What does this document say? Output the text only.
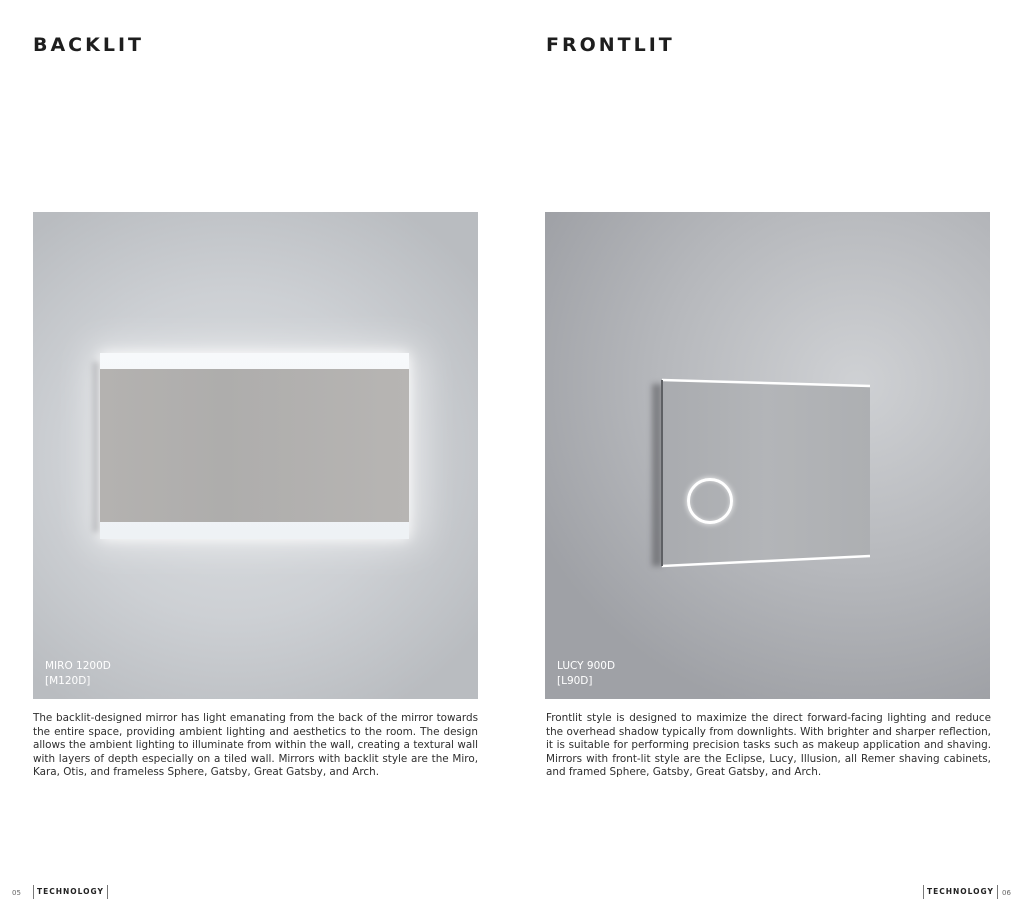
BACKLIT	FRONTLIT
MIRO 1200D
[M120D]
LUCY 900D
[L90D]

The backlit-designed mirror has light emanating from the back of the mirror towards the entire space, providing ambient lighting and aesthetics to the room. The design allows the ambient lighting to illuminate from within the wall, creating a textural wall with layers of depth especially on a tiled wall. Mirrors with backlit style are the Miro, Kara, Otis, and frameless Sphere, Gatsby, Great Gatsby, and Arch.

Frontlit style is designed to maximize the direct forward-facing lighting and reduce the overhead shadow typically from downlights. With brighter and sharper reflection, it is suitable for performing precision tasks such as makeup application and shaving. Mirrors with front-lit style are the Eclipse, Lucy, Illusion, all Remer shaving cabinets, and framed Sphere, Gatsby, Great Gatsby, and Arch.

05	TECHNOLOGY	TECHNOLOGY	06
